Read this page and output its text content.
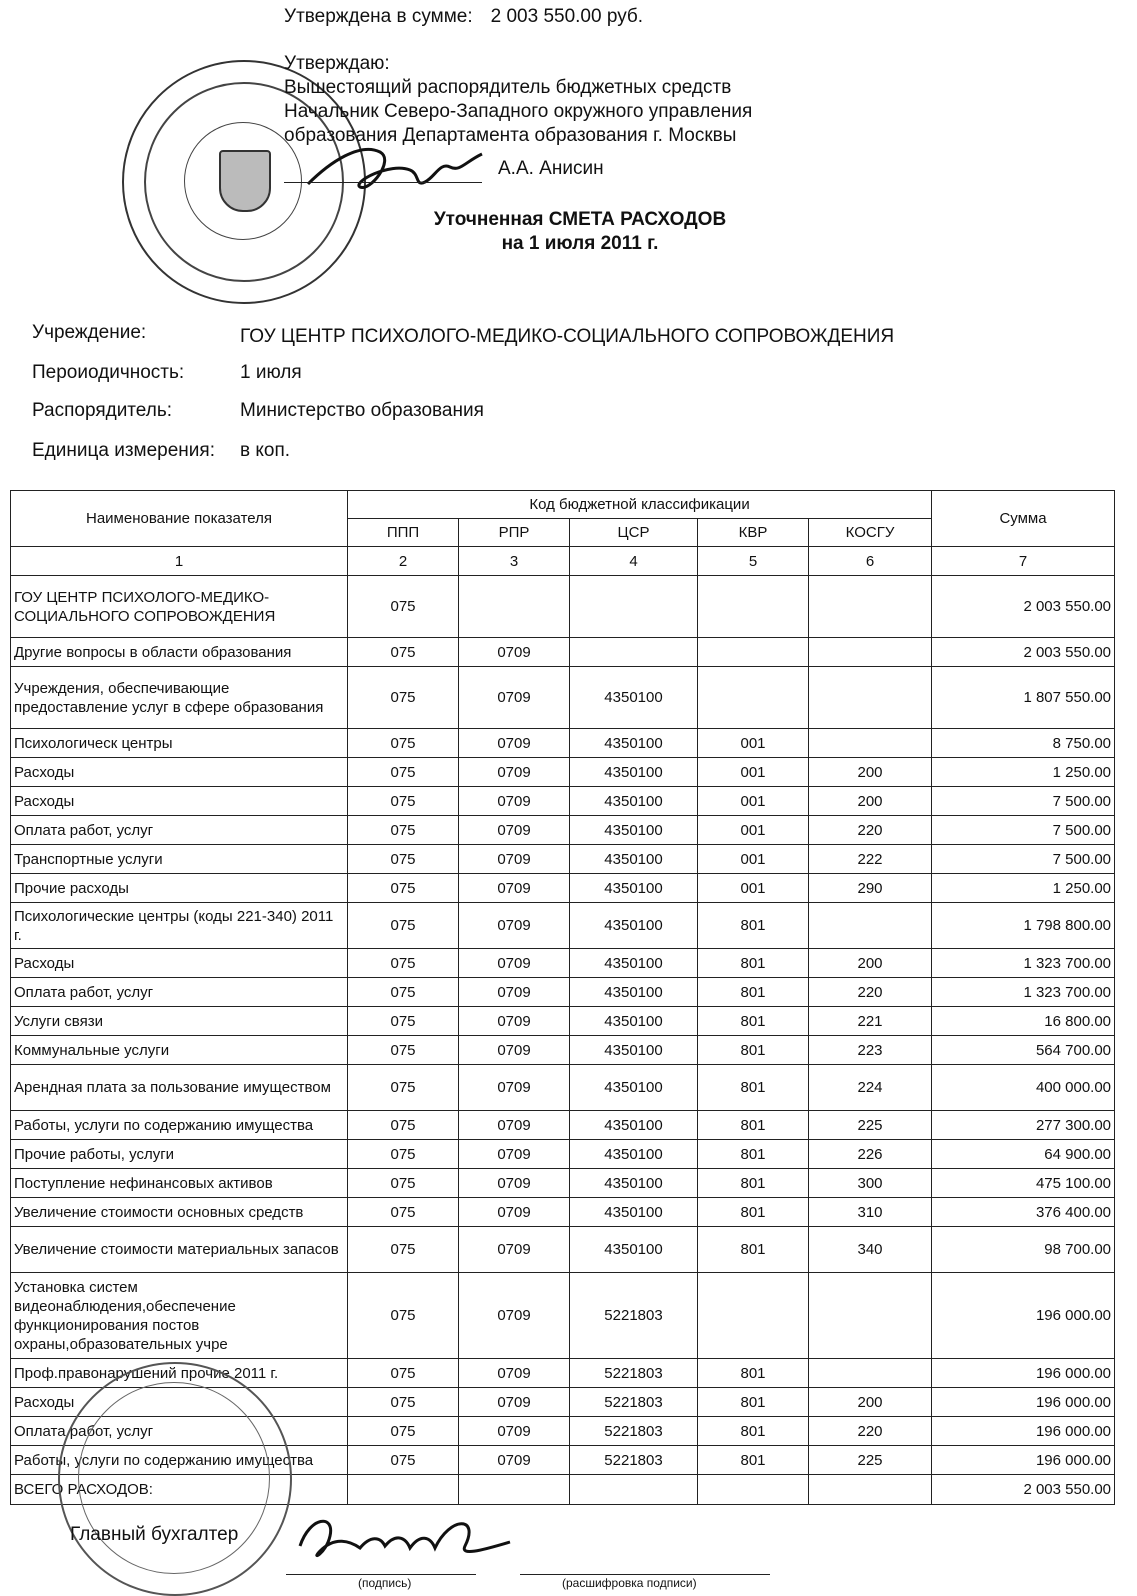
Утверждена в сумме: 2 003 550.00 руб.
Утверждаю:
Вышестоящий распорядитель бюджетных средств
Начальник Северо-Западного окружного управления
образования Департамента образования г. Москвы
А.А. Анисин
Уточненная СМЕТА РАСХОДОВ
на 1 июля 2011 г.
Учреждение:	ГОУ ЦЕНТР ПСИХОЛОГО-МЕДИКО-СОЦИАЛЬНОГО СОПРОВОЖДЕНИЯ
Пероиодичность:	1 июля
Распорядитель:	Министерство образования
Единица измерения: в коп.
Наименование показателя	Код бюджетной классификации					Сумма
	ППП	РПР	ЦСР	КВР	КОСГУ	
1	2	3	4	5	6	7
ГОУ ЦЕНТР ПСИХОЛОГО-МЕДИКО-СОЦИАЛЬНОГО СОПРОВОЖДЕНИЯ	075					2 003 550.00
Другие вопросы в области образования	075	0709				2 003 550.00
Учреждения, обеспечивающие предоставление услуг в сфере образования	075	0709	4350100			1 807 550.00
Психологическ центры	075	0709	4350100	001		8 750.00
Расходы	075	0709	4350100	001	200	1 250.00
Расходы	075	0709	4350100	001	200	7 500.00
Оплата работ, услуг	075	0709	4350100	001	220	7 500.00
Транспортные услуги	075	0709	4350100	001	222	7 500.00
Прочие расходы	075	0709	4350100	001	290	1 250.00
Психологические центры (коды 221-340) 2011 г.	075	0709	4350100	801		1 798 800.00
Расходы	075	0709	4350100	801	200	1 323 700.00
Оплата работ, услуг	075	0709	4350100	801	220	1 323 700.00
Услуги связи	075	0709	4350100	801	221	16 800.00
Коммунальные услуги	075	0709	4350100	801	223	564 700.00
Арендная плата за пользование имуществом	075	0709	4350100	801	224	400 000.00
Работы, услуги по содержанию имущества	075	0709	4350100	801	225	277 300.00
Прочие работы, услуги	075	0709	4350100	801	226	64 900.00
Поступление нефинансовых активов	075	0709	4350100	801	300	475 100.00
Увеличение стоимости основных средств	075	0709	4350100	801	310	376 400.00
Увеличение стоимости материальных запасов	075	0709	4350100	801	340	98 700.00
Установка систем видеонаблюдения,обеспечение функционирования постов охраны,образовательных учре	075	0709	5221803			196 000.00
Проф.правонарушений прочие 2011 г.	075	0709	5221803	801		196 000.00
Расходы	075	0709	5221803	801	200	196 000.00
Оплата работ, услуг	075	0709	5221803	801	220	196 000.00
Работы, услуги по содержанию имущества	075	0709	5221803	801	225	196 000.00
ВСЕГО РАСХОДОВ:						2 003 550.00
Главный бухгалтер
(подпись)	(расшифровка подписи)
